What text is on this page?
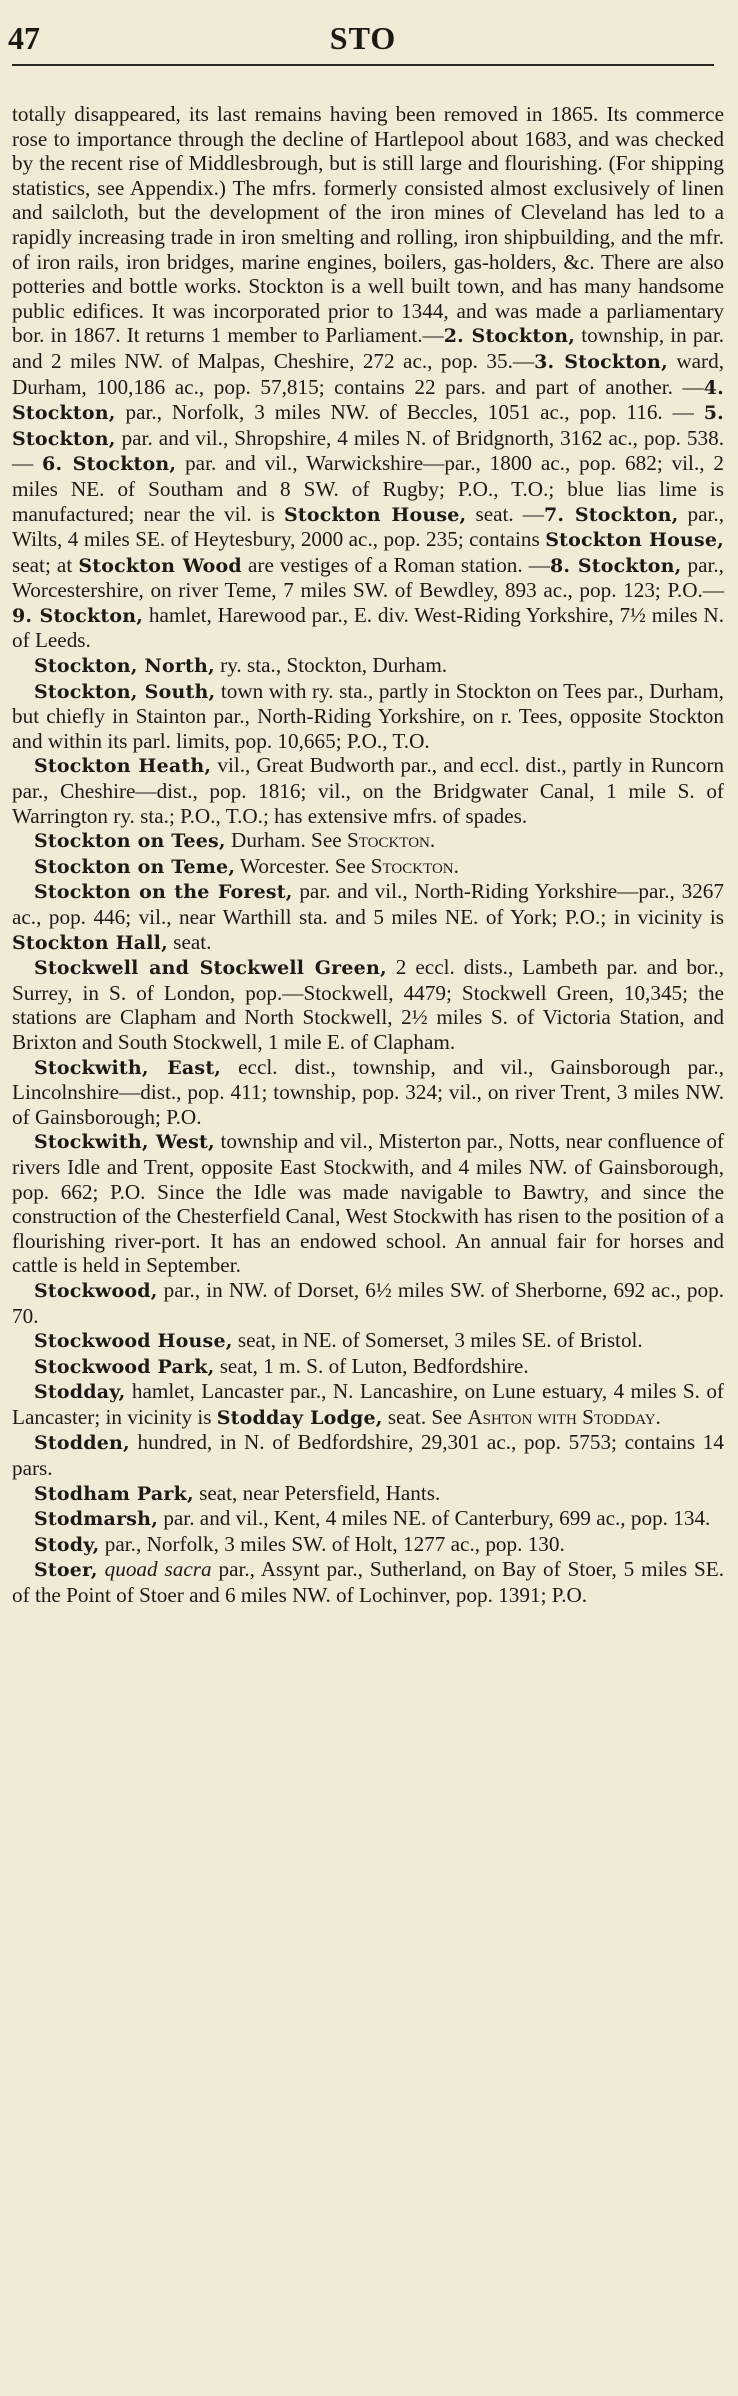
47	STO

totally disappeared, its last remains having been removed in 1865. Its commerce rose to importance through the decline of Hartlepool about 1683, and was checked by the recent rise of Middlesbrough, but is still large and flourishing. (For shipping statistics, see Appendix.) The mfrs. formerly consisted almost exclusively of linen and sailcloth, but the development of the iron mines of Cleveland has led to a rapidly increasing trade in iron smelting and rolling, iron shipbuilding, and the mfr. of iron rails, iron bridges, marine engines, boilers, gas-holders, &c. There are also potteries and bottle works. Stockton is a well built town, and has many handsome public edifices. It was incorporated prior to 1344, and was made a parliamentary bor. in 1867. It returns 1 member to Parliament.—2. Stockton, township, in par. and 2 miles NW. of Malpas, Cheshire, 272 ac., pop. 35.—3. Stockton, ward, Durham, 100,186 ac., pop. 57,815; contains 22 pars. and part of another. —4. Stockton, par., Norfolk, 3 miles NW. of Beccles, 1051 ac., pop. 116. — 5. Stockton, par. and vil., Shropshire, 4 miles N. of Bridgnorth, 3162 ac., pop. 538. — 6. Stockton, par. and vil., Warwickshire—par., 1800 ac., pop. 682; vil., 2 miles NE. of Southam and 8 SW. of Rugby; P.O., T.O.; blue lias lime is manufactured; near the vil. is Stockton House, seat. —7. Stockton, par., Wilts, 4 miles SE. of Heytesbury, 2000 ac., pop. 235; contains Stockton House, seat; at Stockton Wood are vestiges of a Roman station. —8. Stockton, par., Worcestershire, on river Teme, 7 miles SW. of Bewdley, 893 ac., pop. 123; P.O.—9. Stockton, hamlet, Harewood par., E. div. West-Riding Yorkshire, 7½ miles N. of Leeds.

Stockton, North, ry. sta., Stockton, Durham.

Stockton, South, town with ry. sta., partly in Stockton on Tees par., Durham, but chiefly in Stainton par., North-Riding Yorkshire, on r. Tees, opposite Stockton and within its parl. limits, pop. 10,665; P.O., T.O.

Stockton Heath, vil., Great Budworth par., and eccl. dist., partly in Runcorn par., Cheshire—dist., pop. 1816; vil., on the Bridgwater Canal, 1 mile S. of Warrington ry. sta.; P.O., T.O.; has extensive mfrs. of spades.

Stockton on Tees, Durham. See Stockton.

Stockton on Teme, Worcester. See Stockton.

Stockton on the Forest, par. and vil., North-Riding Yorkshire—par., 3267 ac., pop. 446; vil., near Warthill sta. and 5 miles NE. of York; P.O.; in vicinity is Stockton Hall, seat.

Stockwell and Stockwell Green, 2 eccl. dists., Lambeth par. and bor., Surrey, in S. of London, pop.—Stockwell, 4479; Stockwell Green, 10,345; the stations are Clapham and North Stockwell, 2½ miles S. of Victoria Station, and Brixton and South Stockwell, 1 mile E. of Clapham.

Stockwith, East, eccl. dist., township, and vil., Gainsborough par., Lincolnshire—dist., pop. 411; township, pop. 324; vil., on river Trent, 3 miles NW. of Gainsborough; P.O.

Stockwith, West, township and vil., Misterton par., Notts, near confluence of rivers Idle and Trent, opposite East Stockwith, and 4 miles NW. of Gainsborough, pop. 662; P.O. Since the Idle was made navigable to Bawtry, and since the construction of the Chesterfield Canal, West Stockwith has risen to the position of a flourishing river-port. It has an endowed school. An annual fair for horses and cattle is held in September.

Stockwood, par., in NW. of Dorset, 6½ miles SW. of Sherborne, 692 ac., pop. 70.

Stockwood House, seat, in NE. of Somerset, 3 miles SE. of Bristol.

Stockwood Park, seat, 1 m. S. of Luton, Bedfordshire.

Stodday, hamlet, Lancaster par., N. Lancashire, on Lune estuary, 4 miles S. of Lancaster; in vicinity is Stodday Lodge, seat. See Ashton with Stodday.

Stodden, hundred, in N. of Bedfordshire, 29,301 ac., pop. 5753; contains 14 pars.

Stodham Park, seat, near Petersfield, Hants.

Stodmarsh, par. and vil., Kent, 4 miles NE. of Canterbury, 699 ac., pop. 134.

Stody, par., Norfolk, 3 miles SW. of Holt, 1277 ac., pop. 130.

Stoer, quoad sacra par., Assynt par., Sutherland, on Bay of Stoer, 5 miles SE. of the Point of Stoer and 6 miles NW. of Lochinver, pop. 1391; P.O.
